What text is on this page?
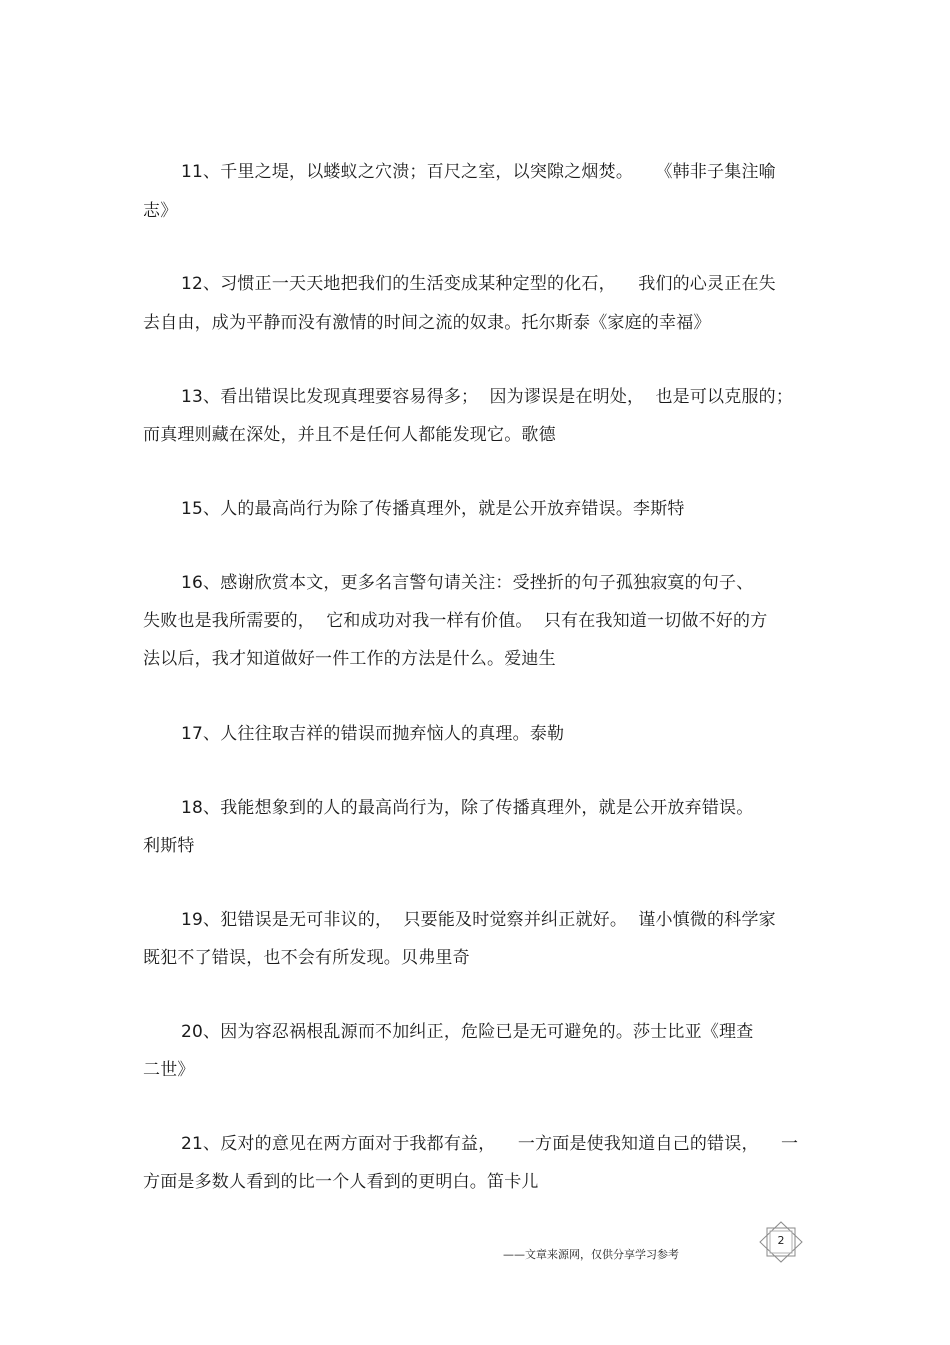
11、千里之堤，以蝼蚁之穴溃；百尺之室，以突隙之烟焚。    《韩非子集注喻
志》
12、习惯正一天天地把我们的生活变成某种定型的化石，    我们的心灵正在失
去自由，成为平静而没有激情的时间之流的奴隶。托尔斯泰《家庭的幸福》
13、看出错误比发现真理要容易得多；  因为谬误是在明处，  也是可以克服的；
而真理则藏在深处，并且不是任何人都能发现它。歌德
15、人的最高尚行为除了传播真理外，就是公开放弃错误。李斯特
16、感谢欣赏本文，更多名言警句请关注：受挫折的句子孤独寂寞的句子、
失败也是我所需要的，  它和成功对我一样有价值。  只有在我知道一切做不好的方
法以后，我才知道做好一件工作的方法是什么。爱迪生
17、人往往取吉祥的错误而抛弃恼人的真理。泰勒
18、我能想象到的人的最高尚行为，除了传播真理外，就是公开放弃错误。
利斯特
19、犯错误是无可非议的，  只要能及时觉察并纠正就好。  谨小慎微的科学家
既犯不了错误，也不会有所发现。贝弗里奇
20、因为容忍祸根乱源而不加纠正，危险已是无可避免的。莎士比亚《理查
二世》
21、反对的意见在两方面对于我都有益，    一方面是使我知道自己的错误，    一
方面是多数人看到的比一个人看到的更明白。笛卡儿
——文章来源网，仅供分享学习参考
2
